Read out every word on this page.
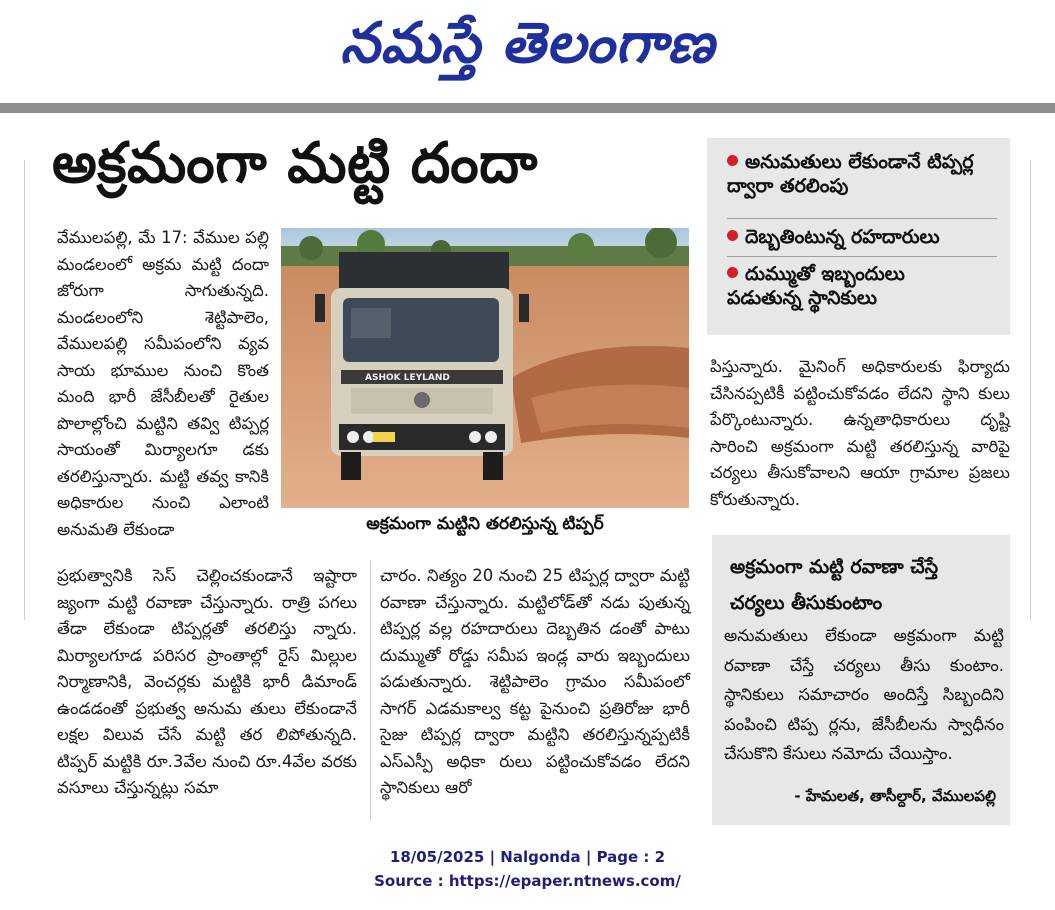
నమస్తే తెలంగాణ
అక్రమంగా మట్టి దందా	అనుమతులు లేకుండానే టిప్పర్ల ద్వారా తరలింపు
దెబ్బతింటున్న రహదారులు
దుమ్ముతో ఇబ్బందులు పడుతున్న స్థానికులు
ASHOK LEYLAND
అక్రమంగా మట్టిని తరలిస్తున్న టిప్పర్

వేములపల్లి, మే 17: వేముల పల్లి మండలంలో అక్రమ మట్టి దందా జోరుగా సాగుతున్నది. మండలంలోని శెట్టిపాలెం, వేములపల్లి సమీపంలోని వ్యవ సాయ భూముల నుంచి కొంత మంది భారీ జేసీబీలతో రైతుల పొలాల్లోంచి మట్టిని తవ్వి టిప్పర్ల సాయంతో మిర్యాలగూ డకు తరలిస్తున్నారు. మట్టి తవ్వ కానికి అధికారుల నుంచి ఎలాంటి అనుమతి లేకుండా

ప్రభుత్వానికి సెస్ చెల్లించకుండానే ఇష్టారా జ్యంగా మట్టి రవాణా చేస్తున్నారు. రాత్రి పగలు తేడా లేకుండా టిప్పర్లతో తరలిస్తు న్నారు. మిర్యాలగూడ పరిసర ప్రాంతాల్లో రైస్ మిల్లుల నిర్మాణానికి, వెంచర్లకు మట్టికి భారీ డిమాండ్ ఉండడంతో ప్రభుత్వ అనుమ తులు లేకుండానే లక్షల విలువ చేసే మట్టి తర లిపోతున్నది. టిప్పర్ మట్టికి రూ.3వేల నుంచి రూ.4వేల వరకు వసూలు చేస్తున్నట్లు సమా

చారం. నిత్యం 20 నుంచి 25 టిప్పర్ల ద్వారా మట్టి రవాణా చేస్తున్నారు. మట్టిలోడ్‌తో నడు పుతున్న టిప్పర్ల వల్ల రహదారులు దెబ్బతిన డంతో పాటు దుమ్ముతో రోడ్డు సమీప ఇండ్ల వారు ఇబ్బందులు పడుతున్నారు. శెట్టిపాలెం గ్రామం సమీపంలో సాగర్ ఎడమకాల్వ కట్ట పైనుంచి ప్రతిరోజు భారీ సైజు టిప్పర్ల ద్వారా మట్టిని తరలిస్తున్నప్పటికీ ఎస్ఎస్పీ అధికా రులు పట్టించుకోవడం లేదని స్థానికులు ఆరో

పిస్తున్నారు. మైనింగ్ అధికారులకు ఫిర్యాదు చేసినప్పటికీ పట్టించుకోవడం లేదని స్థాని కులు పేర్కొంటున్నారు. ఉన్నతాధికారులు దృష్టి సారించి అక్రమంగా మట్టి తరలిస్తున్న వారిపై చర్యలు తీసుకోవాలని ఆయా గ్రామాల ప్రజలు కోరుతున్నారు.

అక్రమంగా మట్టి రవాణా చేస్తే
చర్యలు తీసుకుంటాం
అనుమతులు లేకుండా అక్రమంగా మట్టి రవాణా చేస్తే చర్యలు తీసు కుంటాం. స్థానికులు సమాచారం అందిస్తే సిబ్బందిని పంపించి టిప్ప ర్లను, జేసీబీలను స్వాధీనం చేసుకొని కేసులు నమోదు చేయిస్తాం.
- హేమలత, తాసీల్దార్, వేములపల్లి
18/05/2025 | Nalgonda | Page : 2
Source : https://epaper.ntnews.com/
